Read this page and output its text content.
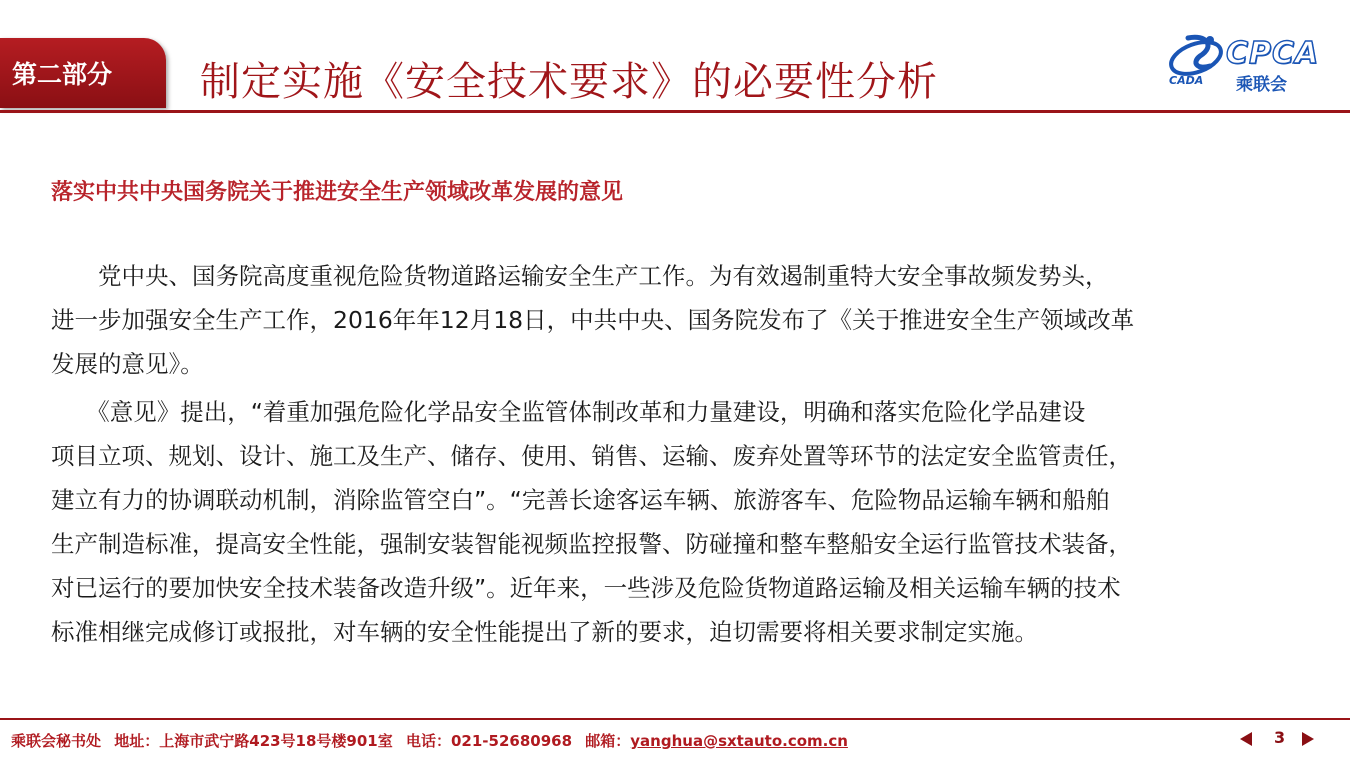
第二部分 制定实施《安全技术要求》的必要性分析	CADA
CPCA
乘联会
落实中共中央国务院关于推进安全生产领域改革发展的意见
　　党中央、国务院高度重视危险货物道路运输安全生产工作。为有效遏制重特大安全事故频发势头，
进一步加强安全生产工作，2016年年12月18日，中共中央、国务院发布了《关于推进安全生产领域改革
发展的意见》。
　　《意见》提出，“着重加强危险化学品安全监管体制改革和力量建设，明确和落实危险化学品建设
项目立项、规划、设计、施工及生产、储存、使用、销售、运输、废弃处置等环节的法定安全监管责任，
建立有力的协调联动机制，消除监管空白”。“完善长途客运车辆、旅游客车、危险物品运输车辆和船舶
生产制造标准，提高安全性能，强制安装智能视频监控报警、防碰撞和整车整船安全运行监管技术装备，
对已运行的要加快安全技术装备改造升级”。近年来，一些涉及危险货物道路运输及相关运输车辆的技术
标准相继完成修订或报批，对车辆的安全性能提出了新的要求，迫切需要将相关要求制定实施。
乘联会秘书处 地址：上海市武宁路423号18号楼901室 电话：021-52680968 邮箱：yanghua@sxtauto.com.cn	3
